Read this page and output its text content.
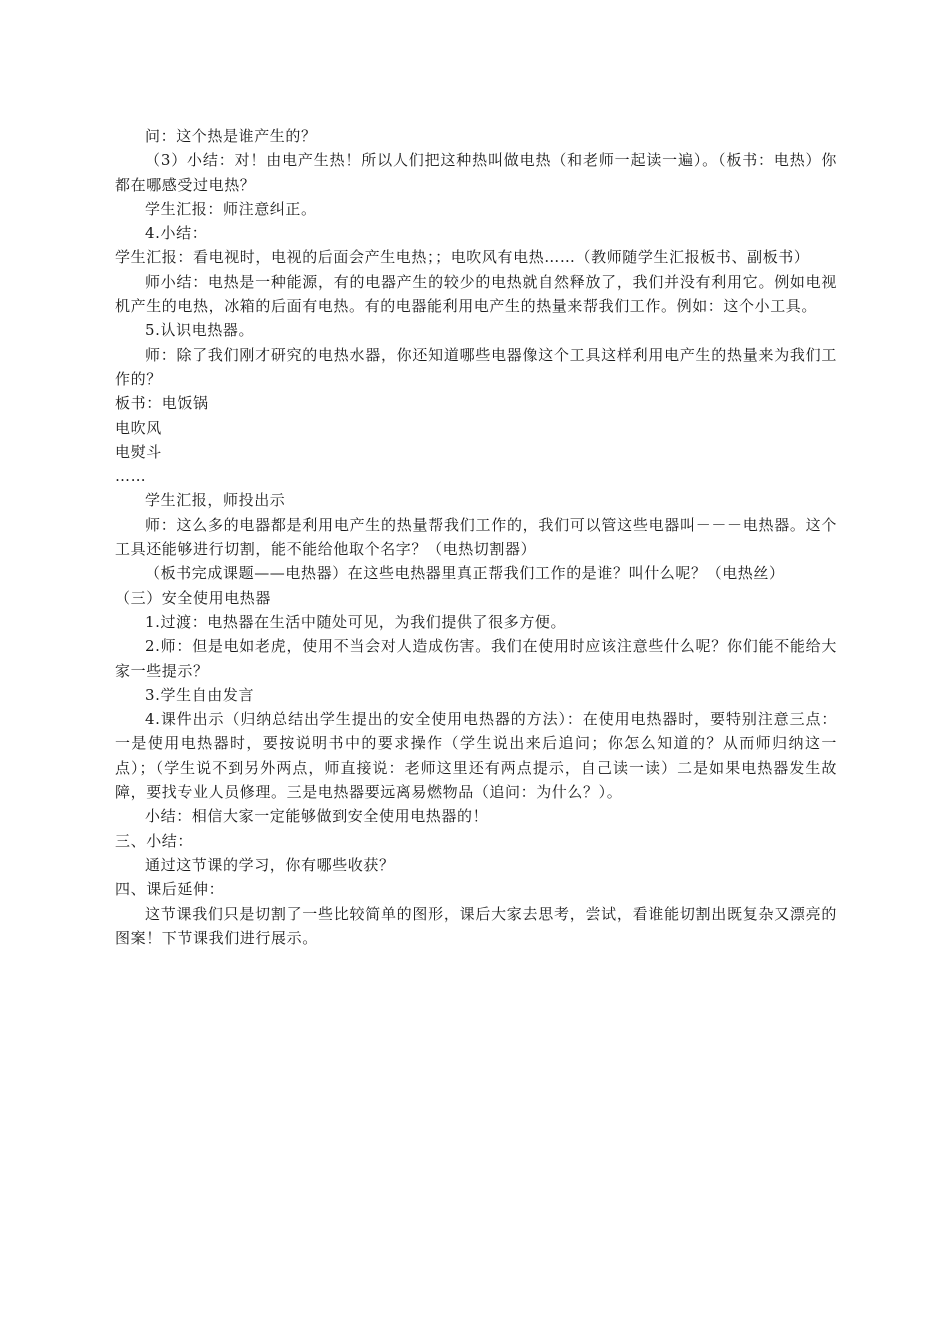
问：这个热是谁产生的？

（3）小结：对！由电产生热！所以人们把这种热叫做电热（和老师一起读一遍）。（板书：电热）你都在哪感受过电热？

学生汇报：师注意纠正。

4.小结：

学生汇报：看电视时，电视的后面会产生电热；；电吹风有电热……（教师随学生汇报板书、副板书）

师小结：电热是一种能源，有的电器产生的较少的电热就自然释放了，我们并没有利用它。例如电视机产生的电热，冰箱的后面有电热。有的电器能利用电产生的热量来帮我们工作。例如：这个小工具。

5.认识电热器。

师：除了我们刚才研究的电热水器，你还知道哪些电器像这个工具这样利用电产生的热量来为我们工作的？

板书：电饭锅

电吹风

电熨斗

……

学生汇报，师投出示

师：这么多的电器都是利用电产生的热量帮我们工作的，我们可以管这些电器叫－－－电热器。这个工具还能够进行切割，能不能给他取个名字？（电热切割器）

（板书完成课题——电热器）在这些电热器里真正帮我们工作的是谁？叫什么呢？（电热丝）

（三）安全使用电热器

1.过渡：电热器在生活中随处可见，为我们提供了很多方便。

2.师：但是电如老虎，使用不当会对人造成伤害。我们在使用时应该注意些什么呢？你们能不能给大家一些提示？

3.学生自由发言

4.课件出示（归纳总结出学生提出的安全使用电热器的方法）：在使用电热器时，要特别注意三点：一是使用电热器时，要按说明书中的要求操作（学生说出来后追问；你怎么知道的？从而师归纳这一点）；（学生说不到另外两点，师直接说：老师这里还有两点提示，自己读一读）二是如果电热器发生故障，要找专业人员修理。三是电热器要远离易燃物品（追问：为什么？）。

小结：相信大家一定能够做到安全使用电热器的！

三、小结：

通过这节课的学习，你有哪些收获？

四、课后延伸：

这节课我们只是切割了一些比较简单的图形，课后大家去思考，尝试，看谁能切割出既复杂又漂亮的图案！下节课我们进行展示。
